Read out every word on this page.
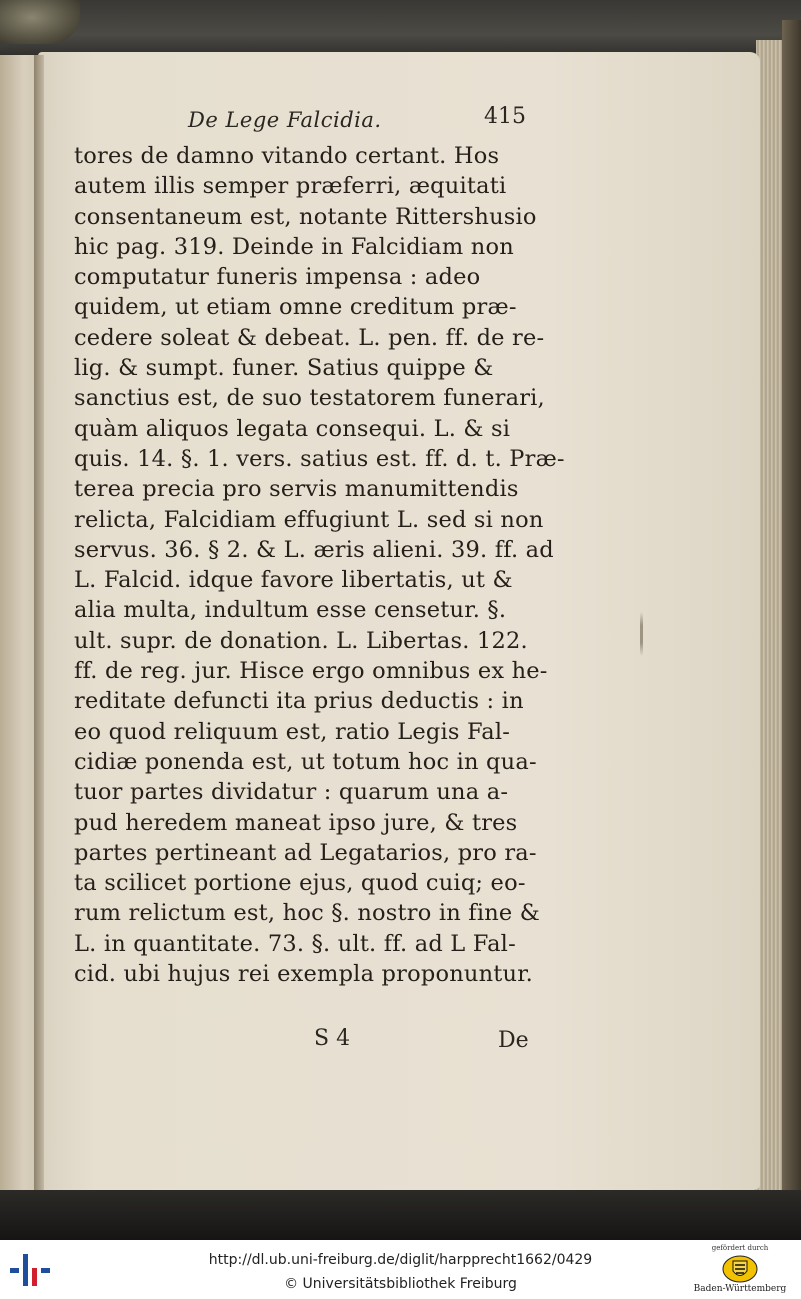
De Lege Falcidia.	415
tores de damno vitando certant. Hos
autem illis semper præferri, æquitati
consentaneum est, notante Rittershusio
hic pag. 319. Deinde in Falcidiam non
computatur funeris impensa : adeo
quidem, ut etiam omne creditum præ-
cedere soleat & debeat. L. pen. ff. de re-
lig. & sumpt. funer. Satius quippe &
sanctius est, de suo testatorem funerari,
quàm aliquos legata consequi. L. & si
quis. 14. §. 1. vers. satius est. ff. d. t. Præ-
terea precia pro servis manumittendis
relicta, Falcidiam effugiunt L. sed si non
servus. 36. § 2. & L. æris alieni. 39. ff. ad
L. Falcid. idque favore libertatis, ut &
alia multa, indultum esse censetur. §.
ult. supr. de donation. L. Libertas. 122.
ff. de reg. jur. Hisce ergo omnibus ex he-
reditate defuncti ita prius deductis : in
eo quod reliquum est, ratio Legis Fal-
cidiæ ponenda est, ut totum hoc in qua-
tuor partes dividatur : quarum una a-
pud heredem maneat ipso jure, & tres
partes pertineant ad Legatarios, pro ra-
ta scilicet portione ejus, quod cuiq; eo-
rum relictum est, hoc §. nostro in fine &
L. in quantitate. 73. §. ult. ff. ad L Fal-
cid. ubi hujus rei exempla proponuntur.
S 4	De
http://dl.ub.uni-freiburg.de/diglit/harpprecht1662/0429
© Universitätsbibliothek Freiburg
gefördert durch
Baden-Württemberg
